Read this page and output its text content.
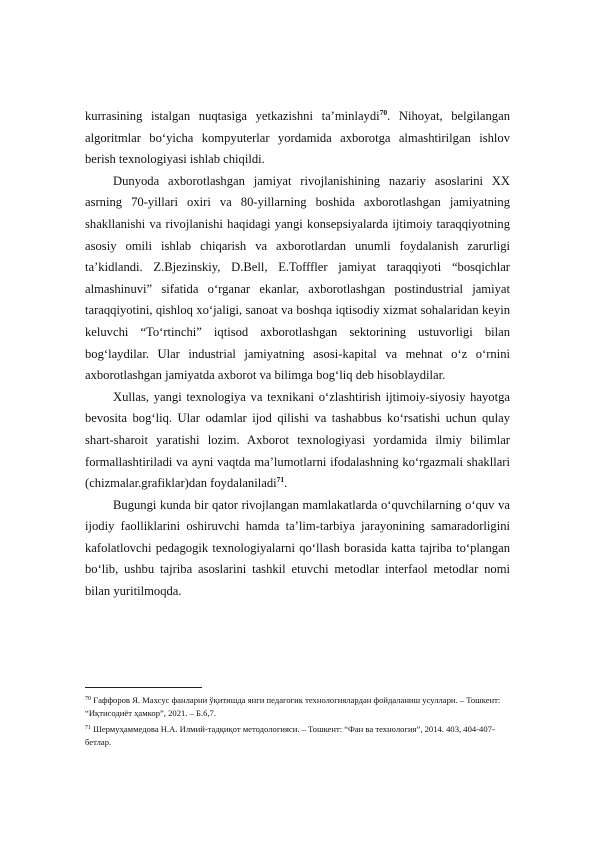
kurrasining istalgan nuqtasiga yetkazishni ta’minlaydi$^{70}$. Nihoyat, belgilangan algoritmlar bo‘yicha kompyuterlar yordamida axborotga almashtirilgan ishlov berish texnologiyasi ishlab chiqildi.

Dunyoda axborotlashgan jamiyat rivojlanishining nazariy asoslarini XX asrning 70-yillari oxiri va 80-yillarning boshida axborotlashgan jamiyatning shakllanishi va rivojlanishi haqidagi yangi konsepsiyalarda ijtimoiy taraqqiyotning asosiy omili ishlab chiqarish va axborotlardan unumli foydalanish zarurligi ta’kidlandi. Z.Bjezinskiy, D.Bell, E.Tofffler jamiyat taraqqiyoti “bosqichlar almashinuvi” sifatida o‘rganar ekanlar, axborotlashgan postindustrial jamiyat taraqqiyotini, qishloq xo‘jaligi, sanoat va boshqa iqtisodiy xizmat sohalaridan keyin keluvchi “To‘rtinchi” iqtisod axborotlashgan sektorining ustuvorligi bilan bog‘laydilar. Ular industrial jamiyatning asosi-kapital va mehnat o‘z o‘rnini axborotlashgan jamiyatda axborot va bilimga bog‘liq deb hisoblaydilar.

Xullas, yangi texnologiya va texnikani o‘zlashtirish ijtimoiy-siyosiy hayotga bevosita bog‘liq. Ular odamlar ijod qilishi va tashabbus ko‘rsatishi uchun qulay shart-sharoit yaratishi lozim. Axborot texnologiyasi yordamida ilmiy bilimlar formallashtiriladi va ayni vaqtda ma’lumotlarni ifodalashning ko‘rgazmali shakllari (chizmalar.grafiklar)dan foydalaniladi$^{71}$.

Bugungi kunda bir qator rivojlangan mamlakatlarda o‘quvchilarning o‘quv va ijodiy faolliklarini oshiruvchi hamda ta’lim-tarbiya jarayonining samaradorligini kafolatlovchi pedagogik texnologiyalarni qo‘llash borasida katta tajriba to‘plangan bo‘lib, ushbu tajriba asoslarini tashkil etuvchi metodlar interfaol metodlar nomi bilan yuritilmoqda.

$^{70}$ Ғаффоров Я. Махсус фанларни ўқитишда янги педагогик технологиялардан фойдаланиш усуллари. – Тошкент: “Иқтисодиёт ҳамкор”, 2021. – Б.6,7.

$^{71}$ Шермуҳаммедова Н.А. Илмий-тадқиқот методологияси. – Тошкент: “Фан ва технология”, 2014. 403, 404-407-бетлар.
